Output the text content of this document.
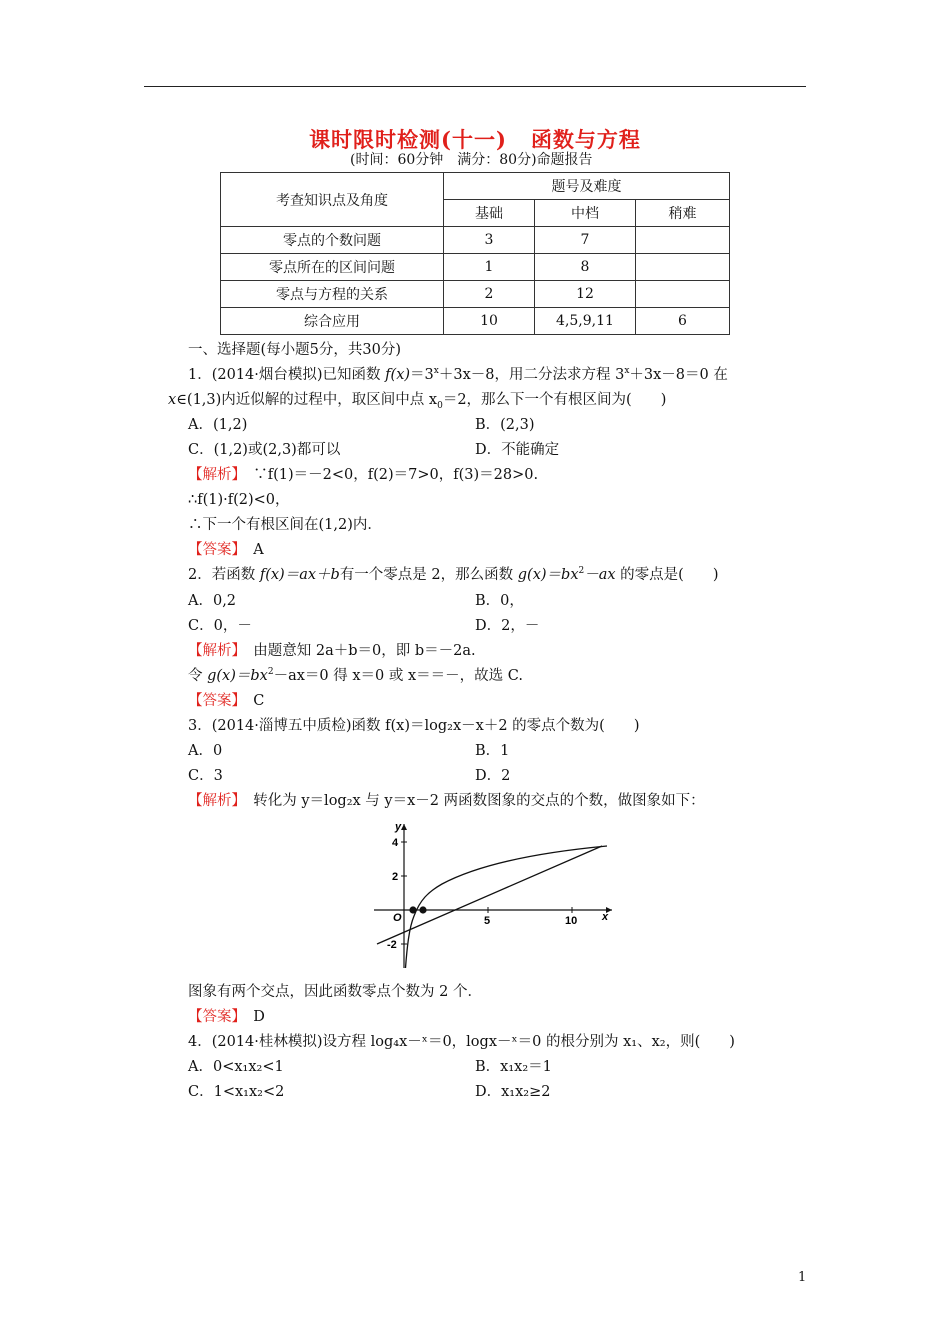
课时限时检测(十一) 函数与方程
(时间：60分钟　满分：80分)命题报告
考查知识点及角度	题号及难度		
	基础	中档	稍难
零点的个数问题	3	7	
零点所在的区间问题	1	8	
零点与方程的关系	2	12	
综合应用	10	4,5,9,11	6
一、选择题(每小题5分，共30分)
1．(2014·烟台模拟)已知函数 $f(x)=3^x+3x-8$，用二分法求方程 $3^x+3x-8=0$ 在
x∈(1,3)内近似解的过程中，取区间中点 $x_0=2$，那么下一个有根区间为(　　)
A．(1,2)	B．(2,3)
C．(1,2)或(2,3)都可以	D．不能确定
【解析】　 ∵f(1)＝－2<0，f(2)＝7>0，f(3)＝28>0.
∴f(1)·f(2)<0，
∴下一个有根区间在(1,2)内．
【答案】　 A
2．若函数 f(x)＝ax＋b有一个零点是 2，那么函数 $g(x)=bx^2-ax$ 的零点是(　　)
A．0,2	B．0，
C．0，－	D．2，－
【解析】　 由题意知 2a＋b＝0，即 b＝－2a.
令 $g(x)=bx^2-ax=0$ 得 x＝0 或 x＝＝－，故选 C.
【答案】　 C
3．(2014·淄博五中质检)函数 f(x)＝log₂x－x＋2 的零点个数为(　　)
A．0	B．1
C．3	D．2
【解析】　 转化为 y＝log₂x 与 y＝x－2 两函数图象的交点的个数，做图象如下：
x
y
O	5	10
4
2
-2
图象有两个交点，因此函数零点个数为 2 个．
【答案】　 D
4．(2014·桂林模拟)设方程 log₄x－ˣ＝0，logx－ˣ＝0 的根分别为 x₁、x₂，则(　　)
A．0<x₁x₂<1	B．x₁x₂＝1
C．1<x₁x₂<2	D．x₁x₂≥2
1
